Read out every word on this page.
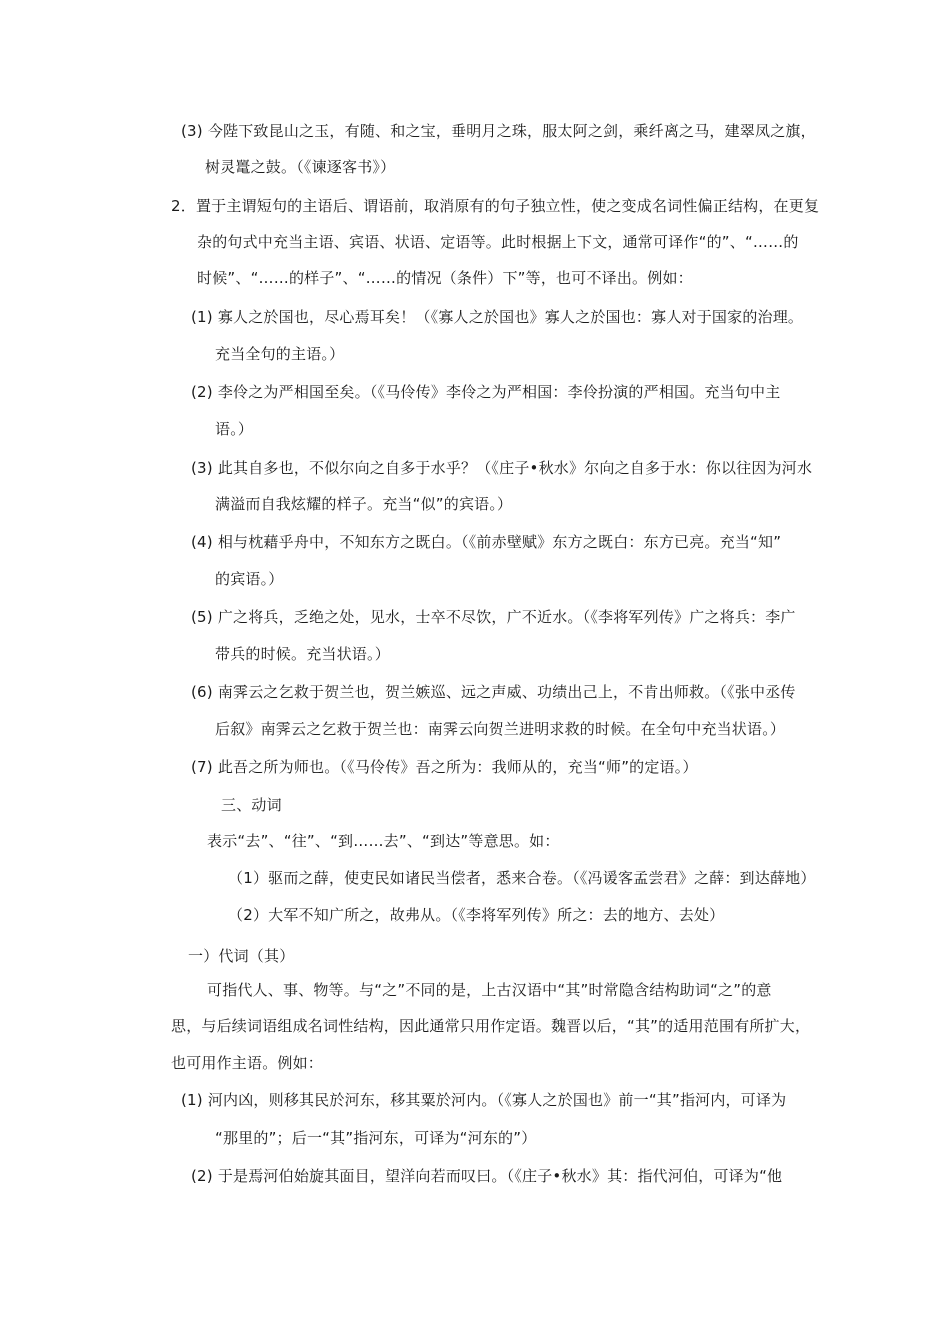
(3) 今陛下致昆山之玉，有随、和之宝，垂明月之珠，服太阿之剑，乘纤离之马，建翠凤之旗，
树灵鼍之鼓。（《谏逐客书》）
2．置于主谓短句的主语后、谓语前，取消原有的句子独立性，使之变成名词性偏正结构，在更复
杂的句式中充当主语、宾语、状语、定语等。此时根据上下文，通常可译作“的”、“……的
时候”、“……的样子”、“……的情况（条件）下”等，也可不译出。例如：
(1) 寡人之於国也，尽心焉耳矣！（《寡人之於国也》寡人之於国也：寡人对于国家的治理。
充当全句的主语。）
(2) 李伶之为严相国至矣。（《马伶传》李伶之为严相国：李伶扮演的严相国。充当句中主
语。）
(3) 此其自多也，不似尔向之自多于水乎？（《庄子•秋水》尔向之自多于水：你以往因为河水
满溢而自我炫耀的样子。充当“似”的宾语。）
(4) 相与枕藉乎舟中，不知东方之既白。（《前赤壁赋》东方之既白：东方已亮。充当“知”
的宾语。）
(5) 广之将兵，乏绝之处，见水，士卒不尽饮，广不近水。（《李将军列传》广之将兵：李广
带兵的时候。充当状语。）
(6) 南霁云之乞救于贺兰也，贺兰嫉巡、远之声威、功绩出己上，不肯出师救。（《张中丞传
后叙》南霁云之乞救于贺兰也：南霁云向贺兰进明求救的时候。在全句中充当状语。）
(7) 此吾之所为师也。（《马伶传》吾之所为：我师从的，充当“师”的定语。）
三、动词
表示“去”、“往”、“到……去”、“到达”等意思。如：
（1）驱而之薛，使吏民如诸民当偿者，悉来合卷。（《冯谖客孟尝君》之薛：到达薛地）
（2）大军不知广所之，故弗从。（《李将军列传》所之：去的地方、去处）
一）代词（其）
可指代人、事、物等。与“之”不同的是，上古汉语中“其”时常隐含结构助词“之”的意
思，与后续词语组成名词性结构，因此通常只用作定语。魏晋以后，“其”的适用范围有所扩大，
也可用作主语。例如：
(1) 河内凶，则移其民於河东，移其粟於河内。（《寡人之於国也》前一“其”指河内，可译为
“那里的”；后一“其”指河东，可译为“河东的”）
(2) 于是焉河伯始旋其面目，望洋向若而叹曰。（《庄子•秋水》其：指代河伯，可译为“他
